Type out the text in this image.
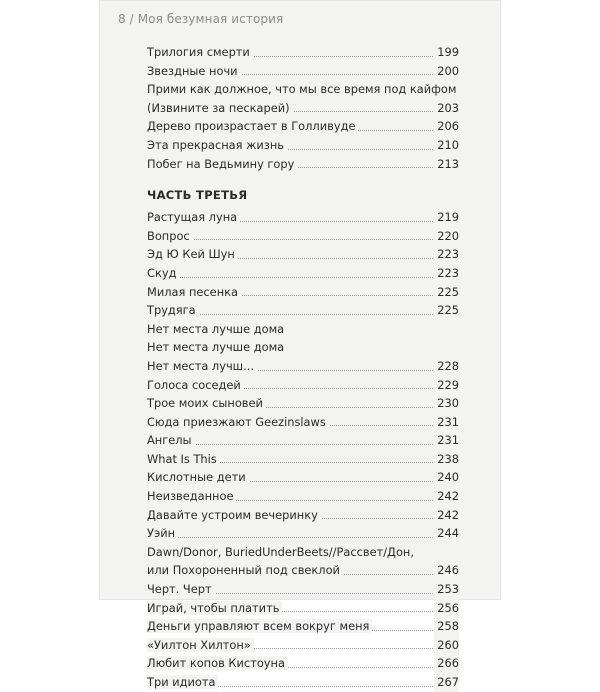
8 / Моя безумная история
Трилогия смерти	199
Звездные ночи	200
Прими как должное, что мы все время под кайфом
(Извините за пескарей)	203
Дерево произрастает в Голливуде	206
Эта прекрасная жизнь	210
Побег на Ведьмину гору	213
ЧАСТЬ ТРЕТЬЯ
Растущая луна	219
Вопрос	220
Эд Ю Кей Шун	223
Скуд	223
Милая песенка	225
Трудяга	225
Нет места лучше дома
Нет места лучше дома
Нет места лучш...	228
Голоса соседей	229
Трое моих сыновей	230
Сюда приезжают Geezinslaws	231
Ангелы	231
What Is This	238
Кислотные дети	240
Неизведанное	242
Давайте устроим вечеринку	242
Уэйн	244
Dawn/Donor, BuriedUnderBeets//Рассвет/Дон,
или Похороненный под свеклой	246
Черт. Черт	253
Играй, чтобы платить	256
Деньги управляют всем вокруг меня	258
«Уилтон Хилтон»	260
Любит копов Кистоуна	266
Три идиота	267
